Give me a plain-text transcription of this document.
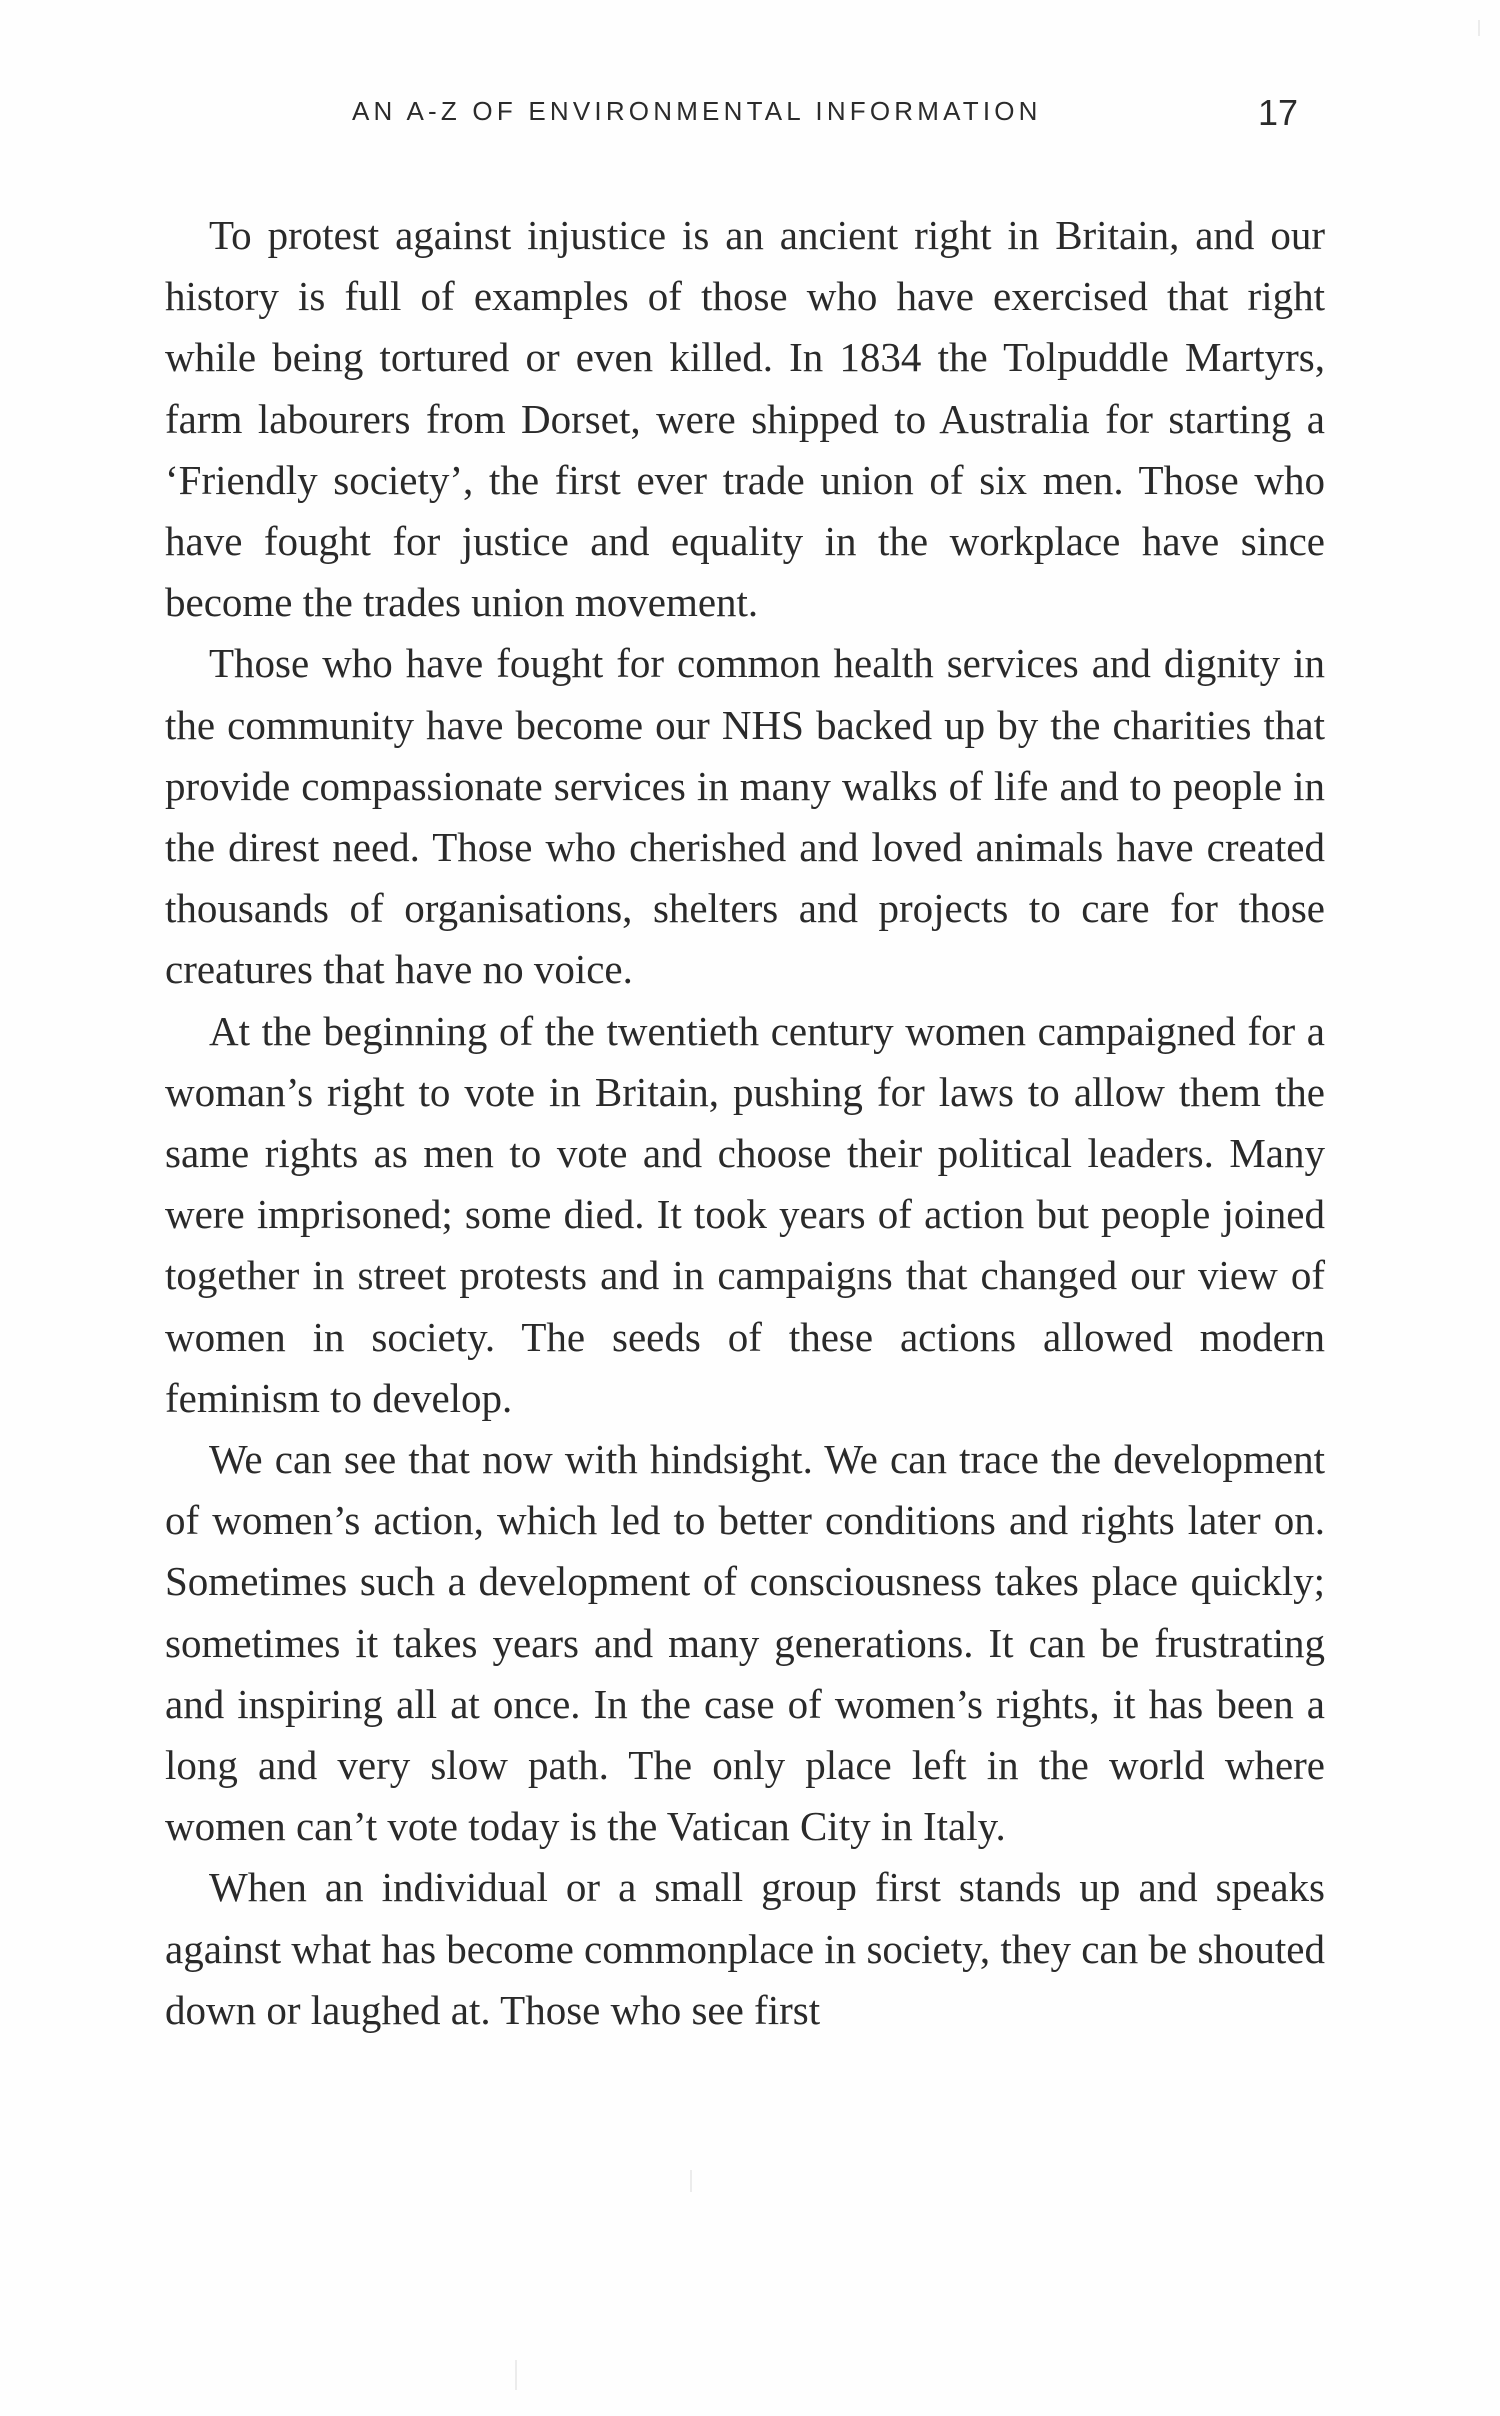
AN A-Z OF ENVIRONMENTAL INFORMATION	17

To protest against injustice is an ancient right in Britain, and our history is full of examples of those who have exercised that right while being tortured or even killed. In 1834 the Tolpuddle Martyrs, farm labourers from Dorset, were shipped to Australia for starting a ‘Friendly society’, the first ever trade union of six men. Those who have fought for justice and equality in the workplace have since become the trades union movement.

Those who have fought for common health services and dignity in the community have become our NHS backed up by the charities that provide compassionate services in many walks of life and to people in the direst need. Those who cherished and loved animals have created thousands of organisations, shelters and projects to care for those creatures that have no voice.

At the beginning of the twentieth century women campaigned for a woman’s right to vote in Britain, pushing for laws to allow them the same rights as men to vote and choose their political leaders. Many were imprisoned; some died. It took years of action but people joined together in street protests and in campaigns that changed our view of women in society. The seeds of these actions allowed modern feminism to develop.

We can see that now with hindsight. We can trace the development of women’s action, which led to better conditions and rights later on. Sometimes such a development of consciousness takes place quickly; sometimes it takes years and many generations. It can be frustrating and inspiring all at once. In the case of women’s rights, it has been a long and very slow path. The only place left in the world where women can’t vote today is the Vatican City in Italy.

When an individual or a small group first stands up and speaks against what has become commonplace in society, they can be shouted down or laughed at. Those who see first
